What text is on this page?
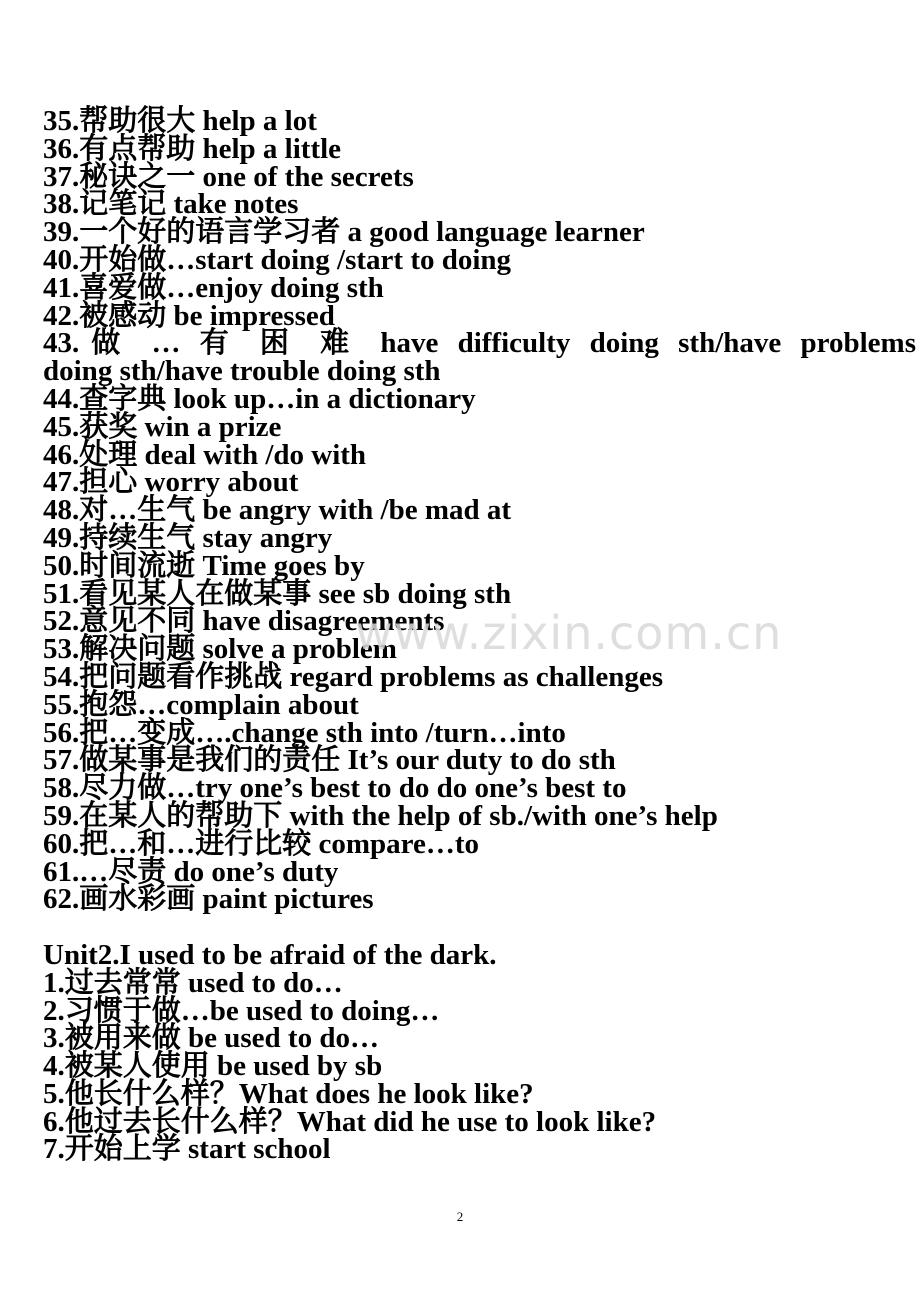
35.帮助很大 help a lot
36.有点帮助 help a little
37.秘诀之一 one of the secrets
38.记笔记 take notes
39.一个好的语言学习者 a good language learner
40.开始做…start doing /start to doing
41.喜爱做…enjoy doing sth
42.被感动 be impressed
43.做 … 有 困 难 have difficulty doing sth/have problems
doing sth/have trouble doing sth
44.查字典 look up…in a dictionary
45.获奖 win a prize
46.处理 deal with /do with
47.担心 worry about
48.对…生气 be angry with /be mad at
49.持续生气 stay angry
50.时间流逝 Time goes by
51.看见某人在做某事 see sb doing sth
52.意见不同 have disagreements
53.解决问题 solve a problem
54.把问题看作挑战 regard problems as challenges
55.抱怨…complain about
56.把…变成….change sth into /turn…into
57.做某事是我们的责任 It’s our duty to do sth
58.尽力做…try one’s best to do do one’s best to
59.在某人的帮助下 with the help of sb./with one’s help
60.把…和…进行比较 compare…to
61.…尽责 do one’s duty
62.画水彩画 paint pictures
Unit2.I used to be afraid of the dark.
1.过去常常 used to do…
2.习惯于做…be used to doing…
3.被用来做 be used to do…
4.被某人使用 be used by sb
5.他长什么样？What does he look like?
6.他过去长什么样？What did he use to look like?
7.开始上学 start school
www.zixin.com.cn
2
